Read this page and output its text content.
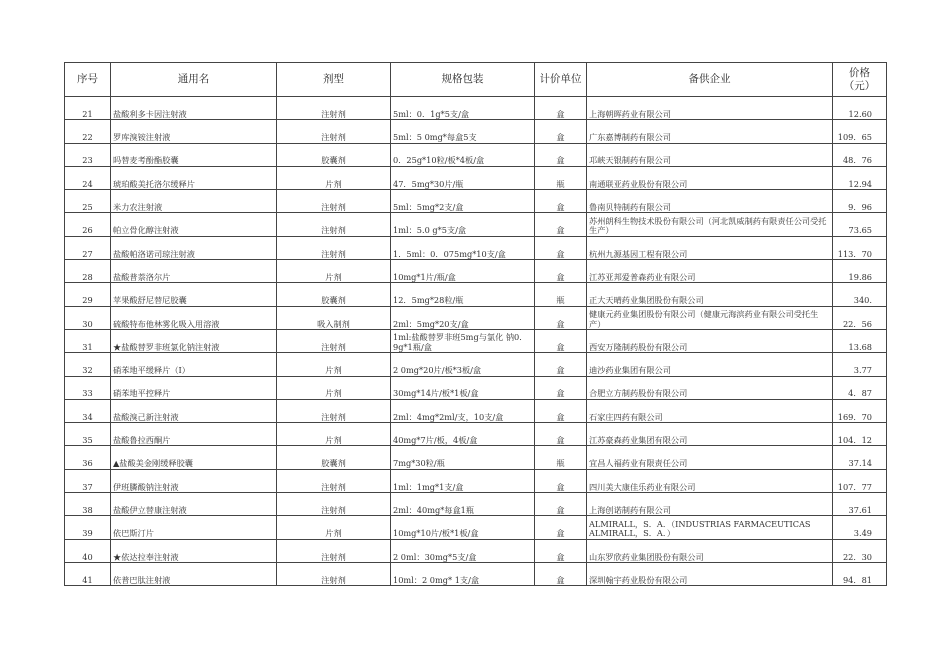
序号	通用名	剂型	规格包装	计价单位	备供企业	价格
（元）

21	盐酸利多卡因注射液	注射剂	5ml：0．1g*5支/盒	盒	上海朝晖药业有限公司	12.60
22	罗库溴铵注射液	注射剂	5ml：5 0mg*每盒5支	盒	广东嘉博制药有限公司	109．65
23	吗替麦考酚酯胶囊	胶囊剂	0．25g*10粒/板*4板/盒	盒	邛峡天银制药有限公司	48．76
24	琥珀酸美托洛尔缓释片	片剂	47．5mg*30片/瓶	瓶	南通联亚药业股份有限公司	12.94
25	米力农注射液	注射剂	5ml：5mg*2支/盒	盒	鲁南贝特制药有限公司	9．96
26	帕立骨化醇注射液	注射剂	1ml：5.0 g*5支/盒	盒	苏州朗科生物技术股份有限公司（河北凯威制药有限责任公司受托生产）	73.65
27	盐酸帕洛诺司琼注射液	注射剂	1．5ml：0．075mg*10支/盒	盒	杭州九源基因工程有限公司	113．70
28	盐酸普萘洛尔片	片剂	10mg*1片/瓶/盒	盒	江苏亚邦爱普森药业有限公司	19.86
29	苹果酸舒尼替尼胶囊	胶囊剂	12．5mg*28粒/瓶	瓶	正大天晴药业集团股份有限公司	340.
30	硫酸特布他林雾化吸入用溶液	吸入制剂	2ml：5mg*20支/盒	盒	健康元药业集团股份有限公司（健康元海滨药业有限公司受托生产）	22．56
31	★盐酸替罗非班氯化钠注射液	注射剂	1ml:盐酸替罗非班5mg与氯化 钠0．9g*1瓶/盒	盒	西安万隆制药股份有限公司	13.68
32	硝苯地平缓释片（I）	片剂	2 0mg*20片/板*3板/盒	盒	迪沙药业集团有限公司	3.77
33	硝苯地平控释片	片剂	30mg*14片/板*1板/盒	盒	合肥立方制药股份有限公司	4．87
34	盐酸溴己新注射液	注射剂	2ml：4mg*2ml/支，10支/盒	盒	石家庄四药有限公司	169．70
35	盐酸鲁拉西酮片	片剂	40mg*7片/板，4板/盒	盒	江苏豪森药业集团有限公司	104．12
36	▲盐酸美金刚缓释胶囊	胶囊剂	7mg*30粒/瓶	瓶	宜昌人福药业有限责任公司	37.14
37	伊班膦酸钠注射液	注射剂	1ml：1mg*1支/盒	盒	四川美大康佳乐药业有限公司	107．77
38	盐酸伊立替康注射液	注射剂	2ml：40mg*每盒1瓶	盒	上海创诺制药有限公司	37.61
39	依巴斯汀片	片剂	10mg*10片/板*1板/盒	盒	ALMIRALL，S．A．（INDUSTRIAS FARMACEUTICAS ALMIRALL，S．A．）	3.49
40	★依达拉奉注射液	注射剂	2 0ml：30mg*5支/盒	盒	山东罗欣药业集团股份有限公司	22．30
41	依普巴肽注射液	注射剂	10ml：2 0mg* 1支/盒	盒	深圳翰宇药业股份有限公司	94．81
